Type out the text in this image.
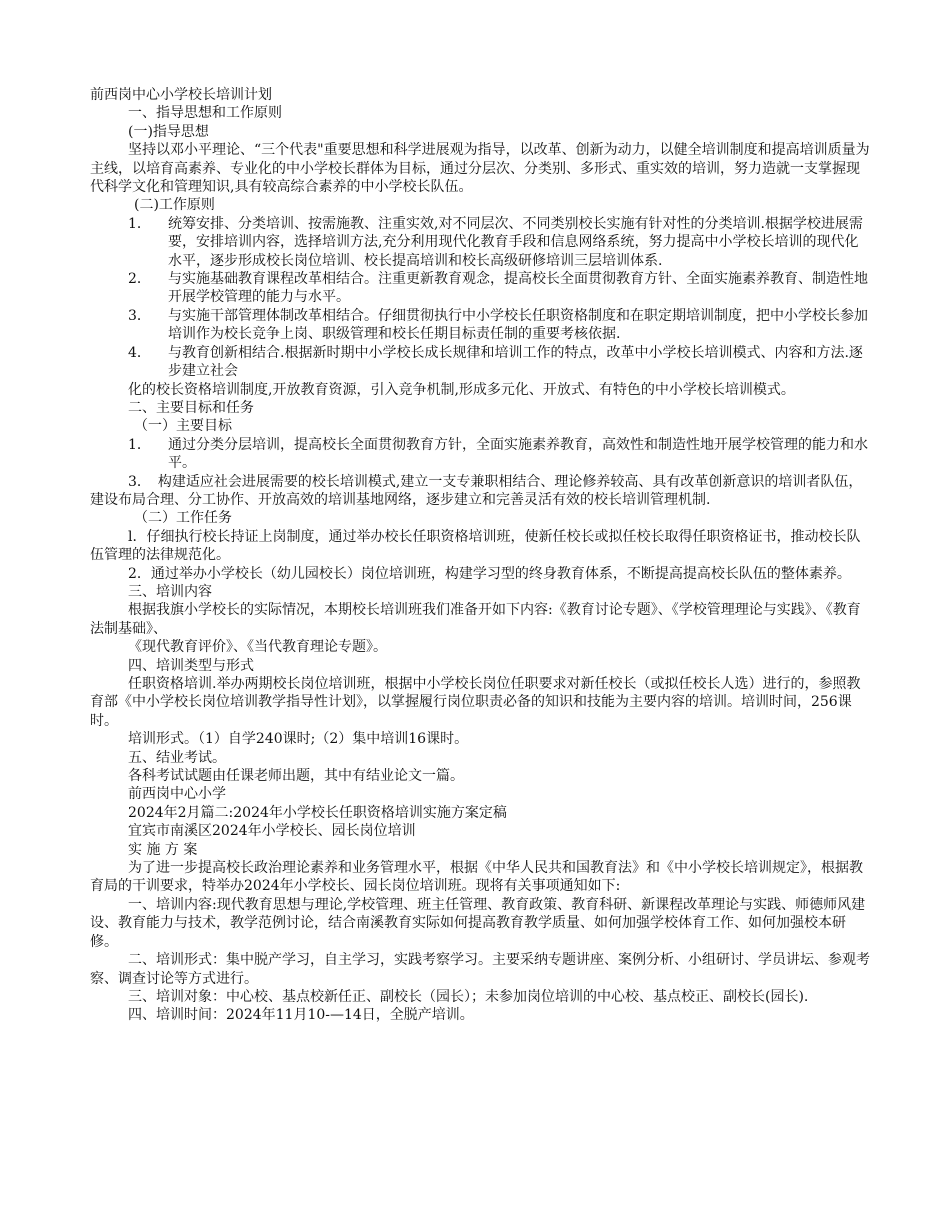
前西岗中心小学校长培训计划

一、指导思想和工作原则

(一)指导思想

坚持以邓小平理论、“三个代表"重要思想和科学进展观为指导，以改革、创新为动力，以健全培训制度和提高培训质量为主线，以培育高素养、专业化的中小学校长群体为目标，通过分层次、分类别、多形式、重实效的培训，努力造就一支掌握现代科学文化和管理知识,具有较高综合素养的中小学校长队伍。

(二)工作原则

1．	统筹安排、分类培训、按需施教、注重实效,对不同层次、不同类别校长实施有针对性的分类培训.根据学校进展需要，安排培训内容，选择培训方法,充分利用现代化教育手段和信息网络系统，努力提高中小学校长培训的现代化水平，逐步形成校长岗位培训、校长提高培训和校长高级研修培训三层培训体系.
2．	与实施基础教育课程改革相结合。注重更新教育观念，提高校长全面贯彻教育方针、全面实施素养教育、制造性地开展学校管理的能力与水平。
3．	与实施干部管理体制改革相结合。仔细贯彻执行中小学校长任职资格制度和在职定期培训制度，把中小学校长参加培训作为校长竞争上岗、职级管理和校长任期目标责任制的重要考核依据.
4．	与教育创新相结合.根据新时期中小学校长成长规律和培训工作的特点，改革中小学校长培训模式、内容和方法.逐步建立社会

化的校长资格培训制度,开放教育资源，引入竞争机制,形成多元化、开放式、有特色的中小学校长培训模式。

二、主要目标和任务

（一）主要目标

1．	通过分类分层培训，提高校长全面贯彻教育方针，全面实施素养教育，高效性和制造性地开展学校管理的能力和水平。

3．　构建适应社会进展需要的校长培训模式,建立一支专兼职相结合、理论修养较高、具有改革创新意识的培训者队伍，建设布局合理、分工协作、开放高效的培训基地网络，逐步建立和完善灵活有效的校长培训管理机制.

（二）工作任务

l．仔细执行校长持证上岗制度，通过举办校长任职资格培训班，使新任校长或拟任校长取得任职资格证书，推动校长队伍管理的法律规范化。

2．通过举办小学校长（幼儿园校长）岗位培训班，构建学习型的终身教育体系，不断提高提高校长队伍的整体素养。

三、培训内容

根据我旗小学校长的实际情况，本期校长培训班我们准备开如下内容:《教育讨论专题》、《学校管理理论与实践》、《教育法制基础》、

《现代教育评价》、《当代教育理论专题》。

四、培训类型与形式

任职资格培训.举办两期校长岗位培训班，根据中小学校长岗位任职要求对新任校长（或拟任校长人选）进行的，参照教育部《中小学校长岗位培训教学指导性计划》，以掌握履行岗位职责必备的知识和技能为主要内容的培训。培训时间，256课时。

培训形式。（1）自学240课时;（2）集中培训16课时。

五、结业考试。

各科考试试题由任课老师出题，其中有结业论文一篇。

前西岗中心小学

2024年2月篇二:2024年小学校长任职资格培训实施方案定稿

宜宾市南溪区2024年小学校长、园长岗位培训

实 施 方 案

为了进一步提高校长政治理论素养和业务管理水平，根据《中华人民共和国教育法》和《中小学校长培训规定》，根据教育局的干训要求，特举办2024年小学校长、园长岗位培训班。现将有关事项通知如下:

一、培训内容:现代教育思想与理论,学校管理、班主任管理、教育政策、教育科研、新课程改革理论与实践、师德师风建设、教育能力与技术，教学范例讨论，结合南溪教育实际如何提高教育教学质量、如何加强学校体育工作、如何加强校本研修。

二、培训形式：集中脱产学习，自主学习，实践考察学习。主要采纳专题讲座、案例分析、小组研讨、学员讲坛、参观考察、调查讨论等方式进行。

三、培训对象：中心校、基点校新任正、副校长（园长）；未参加岗位培训的中心校、基点校正、副校长(园长).

四、培训时间：2024年11月10-—14日，全脱产培训。
